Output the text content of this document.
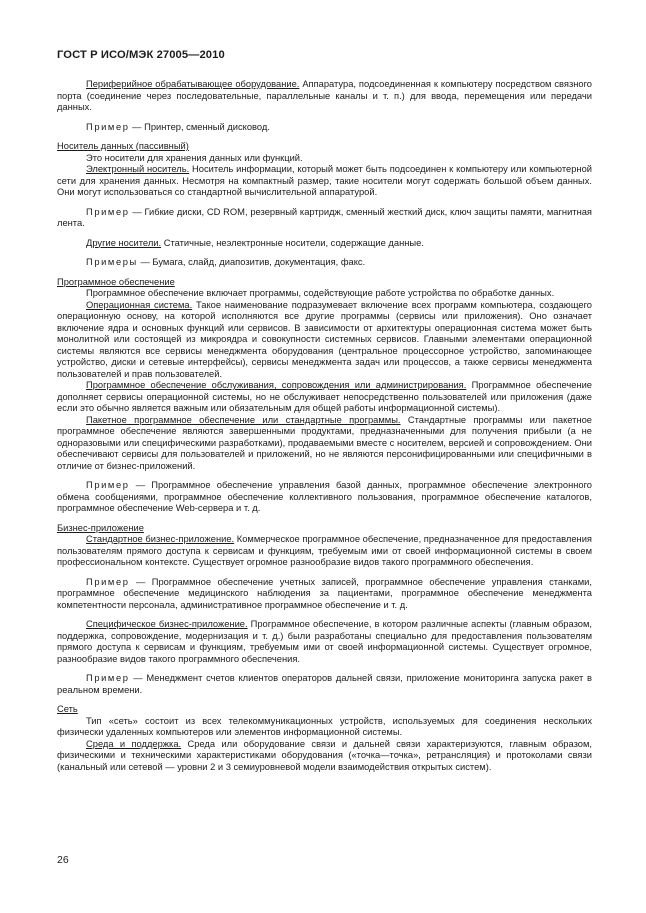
ГОСТ Р ИСО/МЭК 27005—2010

Периферийное обрабатывающее оборудование. Аппаратура, подсоединенная к компьютеру посредством связного порта (соединение через последовательные, параллельные каналы и т. п.) для ввода, перемещения или передачи данных.

Пример — Принтер, сменный дисковод.

Носитель данных (пассивный)

Это носители для хранения данных или функций.

Электронный носитель. Носитель информации, который может быть подсоединен к компьютеру или компьютерной сети для хранения данных. Несмотря на компактный размер, такие носители могут содержать большой объем данных. Они могут использоваться со стандартной вычислительной аппаратурой.

Пример — Гибкие диски, CD ROM, резервный картридж, сменный жесткий диск, ключ защиты памяти, магнитная лента.

Другие носители. Статичные, неэлектронные носители, содержащие данные.

Примеры — Бумага, слайд, диапозитив, документация, факс.

Программное обеспечение

Программное обеспечение включает программы, содействующие работе устройства по обработке данных.

Операционная система. Такое наименование подразумевает включение всех программ компьютера, создающего операционную основу, на которой исполняются все другие программы (сервисы или приложения). Оно означает включение ядра и основных функций или сервисов. В зависимости от архитектуры операционная система может быть монолитной или состоящей из микроядра и совокупности системных сервисов. Главными элементами операционной системы являются все сервисы менеджмента оборудования (центральное процессорное устройство, запоминающее устройство, диски и сетевые интерфейсы), сервисы менеджмента задач или процессов, а также сервисы менеджмента пользователей и прав пользователей.

Программное обеспечение обслуживания, сопровождения или администрирования. Программное обеспечение дополняет сервисы операционной системы, но не обслуживает непосредственно пользователей или приложения (даже если это обычно является важным или обязательным для общей работы информационной системы).

Пакетное программное обеспечение или стандартные программы. Стандартные программы или пакетное программное обеспечение являются завершенными продуктами, предназначенными для получения прибыли (а не одноразовыми или специфическими разработками), продаваемыми вместе с носителем, версией и сопровождением. Они обеспечивают сервисы для пользователей и приложений, но не являются персонифицированными или специфичными в отличие от бизнес-приложений.

Пример — Программное обеспечение управления базой данных, программное обеспечение электронного обмена сообщениями, программное обеспечение коллективного пользования, программное обеспечение каталогов, программное обеспечение Web-сервера и т. д.

Бизнес-приложение

Стандартное бизнес-приложение. Коммерческое программное обеспечение, предназначенное для предоставления пользователям прямого доступа к сервисам и функциям, требуемым ими от своей информационной системы в своем профессиональном контексте. Существует огромное разнообразие видов такого программного обеспечения.

Пример — Программное обеспечение учетных записей, программное обеспечение управления станками, программное обеспечение медицинского наблюдения за пациентами, программное обеспечение менеджмента компетентности персонала, административное программное обеспечение и т. д.

Специфическое бизнес-приложение. Программное обеспечение, в котором различные аспекты (главным образом, поддержка, сопровождение, модернизация и т. д.) были разработаны специально для предоставления пользователям прямого доступа к сервисам и функциям, требуемым ими от своей информационной системы. Существует огромное, разнообразие видов такого программного обеспечения.

Пример — Менеджмент счетов клиентов операторов дальней связи, приложение мониторинга запуска ракет в реальном времени.

Сеть

Тип «сеть» состоит из всех телекоммуникационных устройств, используемых для соединения нескольких физически удаленных компьютеров или элементов информационной системы.

Среда и поддержка. Среда или оборудование связи и дальней связи характеризуются, главным образом, физическими и техническими характеристиками оборудования («точка—точка», ретрансляция) и протоколами связи (канальный или сетевой — уровни 2 и 3 семиуровневой модели взаимодействия открытых систем).

26
